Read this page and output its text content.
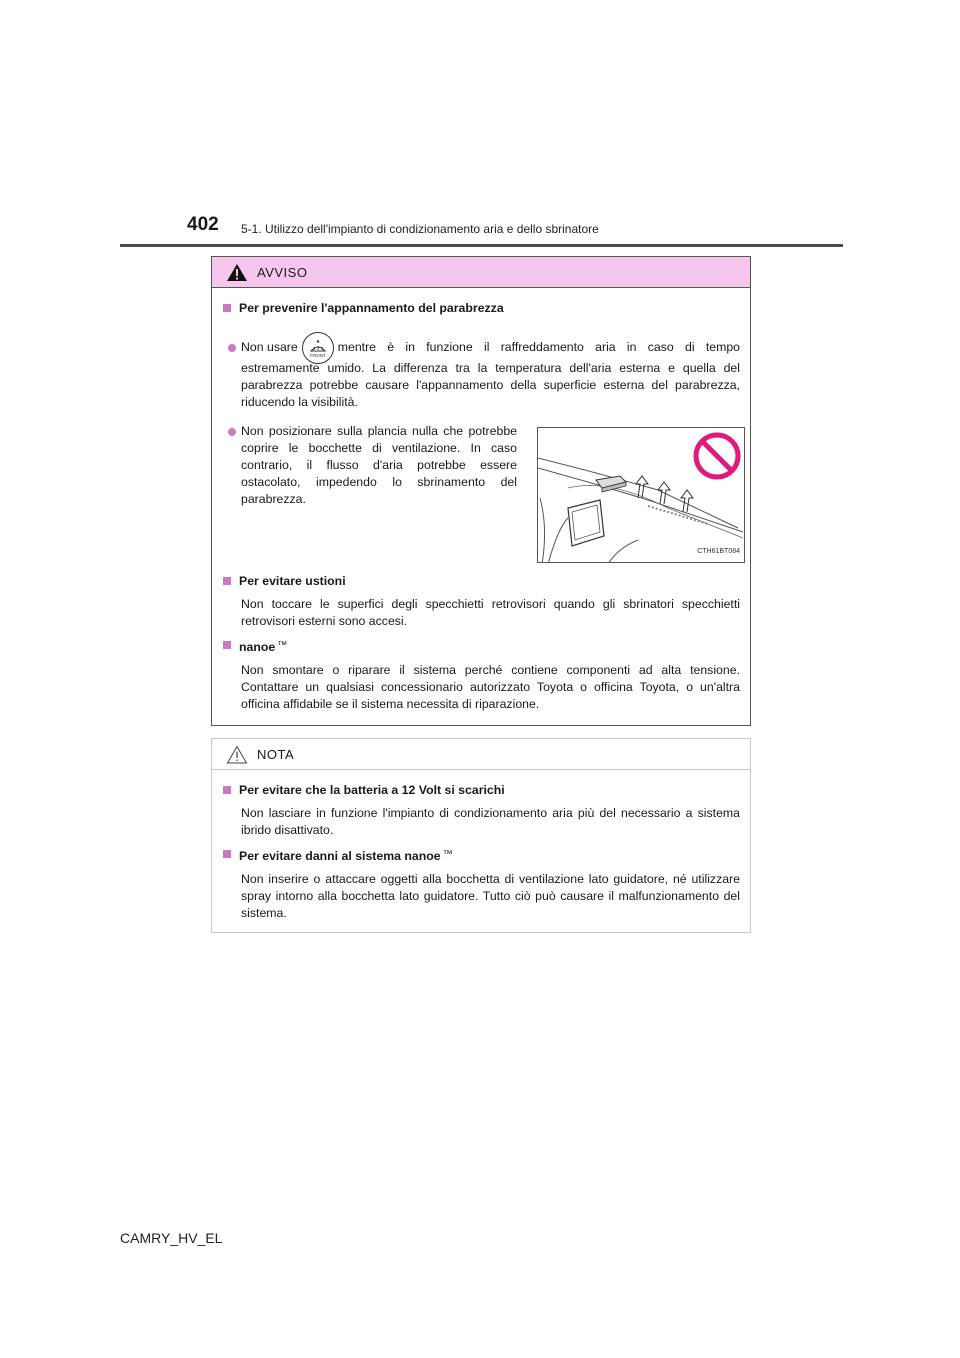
402 5-1. Utilizzo dell'impianto di condizionamento aria e dello sbrinatore
AVVISO
Per prevenire l'appannamento del parabrezza
Non usare
FRONT
mentre è in funzione il raffreddamento aria in caso di tempo
estremamente umido. La differenza tra la temperatura dell'aria esterna e quella del parabrezza potrebbe causare l'appannamento della superficie esterna del parabrezza, riducendo la visibilità.
Non posizionare sulla plancia nulla che potrebbe coprire le bocchette di ventilazione. In caso contrario, il flusso d'aria potrebbe essere ostacolato, impedendo lo sbrinamento del parabrezza.
CTH61BT084
Per evitare ustioni
Non toccare le superfici degli specchietti retrovisori quando gli sbrinatori specchietti retrovisori esterni sono accesi.
nanoe ™
Non smontare o riparare il sistema perché contiene componenti ad alta tensione. Contattare un qualsiasi concessionario autorizzato Toyota o officina Toyota, o un'altra officina affidabile se il sistema necessita di riparazione.
NOTA
Per evitare che la batteria a 12 Volt si scarichi
Non lasciare in funzione l'impianto di condizionamento aria più del necessario a sistema ibrido disattivato.
Per evitare danni al sistema nanoe ™
Non inserire o attaccare oggetti alla bocchetta di ventilazione lato guidatore, né utilizzare spray intorno alla bocchetta lato guidatore. Tutto ciò può causare il malfunzionamento del sistema.
CAMRY_HV_EL
